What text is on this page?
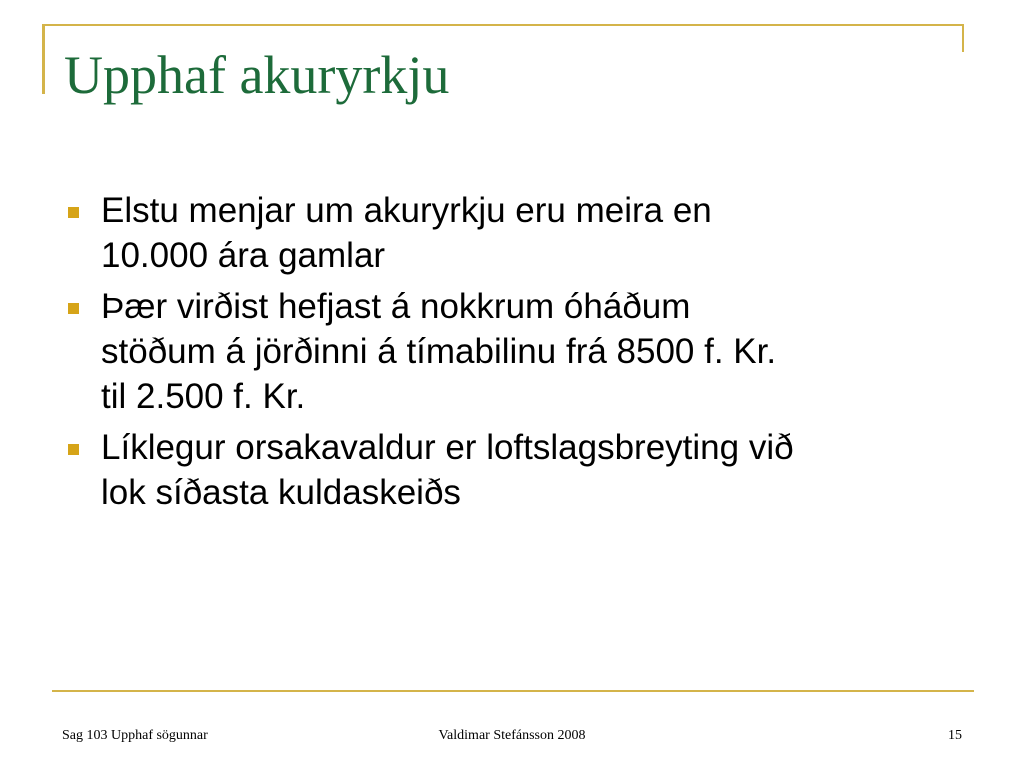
Upphaf akuryrkju
Elstu menjar um akuryrkju eru meira en
10.000 ára gamlar
Þær virðist hefjast á nokkrum óháðum
stöðum á jörðinni á tímabilinu frá 8500 f. Kr.
til 2.500 f. Kr.
Líklegur orsakavaldur er loftslagsbreyting við
lok síðasta kuldaskeiðs
Sag 103 Upphaf sögunnar	Valdimar Stefánsson 2008	15
